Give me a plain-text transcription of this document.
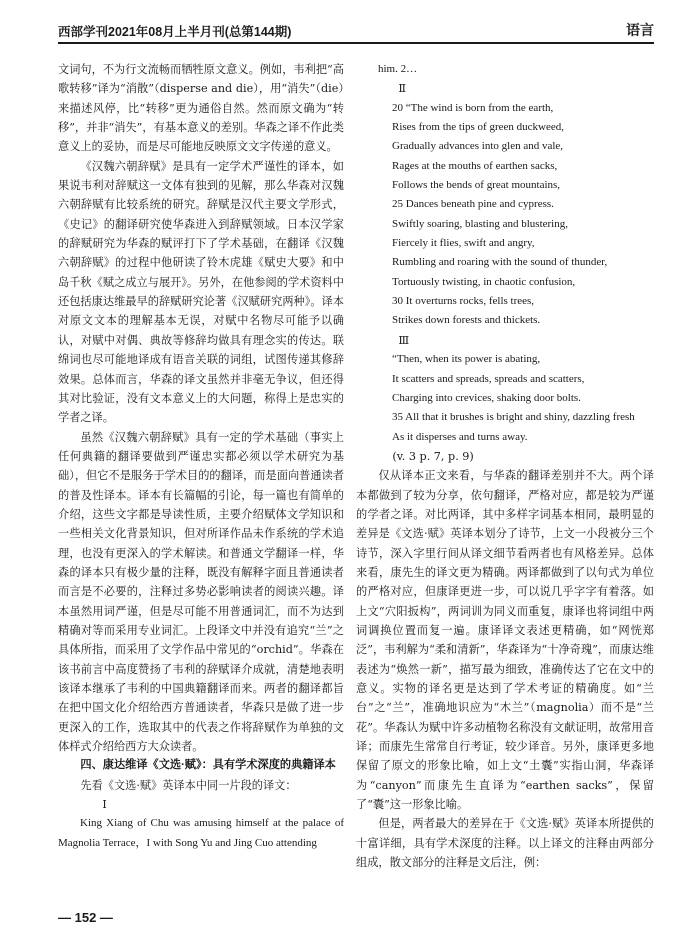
西部学刊2021年08月上半月刊(总第144期)	语言

文词句，不为行文流畅而牺牲原文意义。例如，韦利把“高歌转移”译为“消散”（disperse and die），用“消失”（die）来描述风停，比“转移”更为通俗自然。然而原文确为“转移”，并非“消失”，有基本意义的差别。华森之译不作此类意义上的妥协，而是尽可能地反映原文文字传递的意义。

《汉魏六朝辞赋》是具有一定学术严谨性的译本，如果说韦利对辞赋这一文体有独到的见解，那么华森对汉魏六朝辞赋有比较系统的研究。辞赋是汉代主要文学形式，《史记》的翻译研究使华森进入到辞赋领域。日本汉学家的辞赋研究为华森的赋评打下了学术基础，在翻译《汉魏六朝辞赋》的过程中他研读了铃木虎雄《赋史大要》和中岛千秋《赋之成立与展开》。另外，在他参阅的学术资料中还包括康达维最早的辞赋研究论著《汉赋研究两种》。译本对原文文本的理解基本无误，对赋中名物尽可能予以确认，对赋中对偶、典故等修辞均做具有理念实的传达。联绵词也尽可能地译成有语音关联的词组，试图传递其修辞效果。总体而言，华森的译文虽然并非毫无争议，但还得其对比验证，没有文本意义上的大问题，称得上是忠实的学者之译。

虽然《汉魏六朝辞赋》具有一定的学术基础（事实上任何典籍的翻译要做到严谨忠实都必须以学术研究为基础），但它不是服务于学术目的的翻译，而是面向普通读者的普及性译本。译本有长篇幅的引论，每一篇也有简单的介绍，这些文字都是导读性质，主要介绍赋体文学知识和一些相关文化背景知识，但对所译作品未作系统的学术追理，也没有更深入的学术解读。和普通文学翻译一样，华森的译本只有极少量的注释，既没有解释字面且普通读者而言是不必要的，注释过多势必影响读者的阅读兴趣。译本虽然用词严谨，但是尽可能不用普通词汇，而不为达到精确对等而采用专业词汇。上段译文中并没有追究“兰”之具体所指，而采用了文学作品中常见的“orchid”。华森在该书前言中高度赞扬了韦利的辞赋译介成就，清楚地表明该译本继承了韦利的中国典籍翻译而来。两者的翻译都旨在把中国文化介绍给西方普通读者，华森只是做了进一步更深入的工作，选取其中的代表之作将辞赋作为单独的文体样式介绍给西方大众读者。

四、康达维译《文选·赋》：具有学术深度的典籍译本

先看《文选·赋》英译本中同一片段的译文：

Ⅰ

King Xiang of Chu was amusing himself at the palace of Magnolia Terrace，I with Song Yu and Jing Cuo attending

him. 2…

Ⅱ

20 “The wind is born from the earth,

Rises from the tips of green duckweed,

Gradually advances into glen and vale,

Rages at the mouths of earthen sacks,

Follows the bends of great mountains,

25 Dances beneath pine and cypress.

Swiftly soaring, blasting and blustering,

Fiercely it flies, swift and angry,

Rumbling and roaring with the sound of thunder,

Tortuously twisting, in chaotic confusion,

30 It overturns rocks, fells trees,

Strikes down forests and thickets.

Ⅲ

“Then, when its power is abating,

It scatters and spreads, spreads and scatters,

Charging into crevices, shaking door bolts.

35 All that it brushes is bright and shiny, dazzling fresh

As it disperses and turns away.

(v. 3 p. 7, p. 9)

仅从译本正文来看，与华森的翻译差别并不大。两个译本都做到了较为分享，依句翻译，严格对应，都是较为严谨的学者之译。对比两译，其中多样字词基本相同，最明显的差异是《文选·赋》英译本划分了诗节，上文一小段被分三个诗节，深入字里行间从译文细节看两者也有风格差异。总体来看，康先生的译文更为精确。两译都做到了以句式为单位的严格对应，但康译更进一步，可以说几乎字字有着落。如上文“穴阳扳构”，两词训为同义而重复，康译也将词组中两词调换位置而复一遍。康译译文表述更精确，如“网恍郑泛”，韦利解为“柔和清新”，华森译为“十净奇瑰”，而康达维表述为“焕然一新”，描写最为细致，准确传达了它在文中的意义。实物的译名更是达到了学术考证的精确度。如“兰台”之“兰”，准确地识应为“木兰”（magnolia）而不是“兰花”。华森认为赋中许多动植物名称没有文献证明，故常用音译；而康先生常常自行考证，较少译音。另外，康译更多地保留了原文的形象比喻，如上文“土囊”实指山洞，华森译为“canyon”而康先生直译为“earthen sacks”，保留了“囊”这一形象比喻。

但是，两者最大的差异在于《文选·赋》英译本所提供的十富详细，具有学术深度的注释。以上译文的注释由两部分组成，散文部分的注释是文后注，例：

— 152 —
